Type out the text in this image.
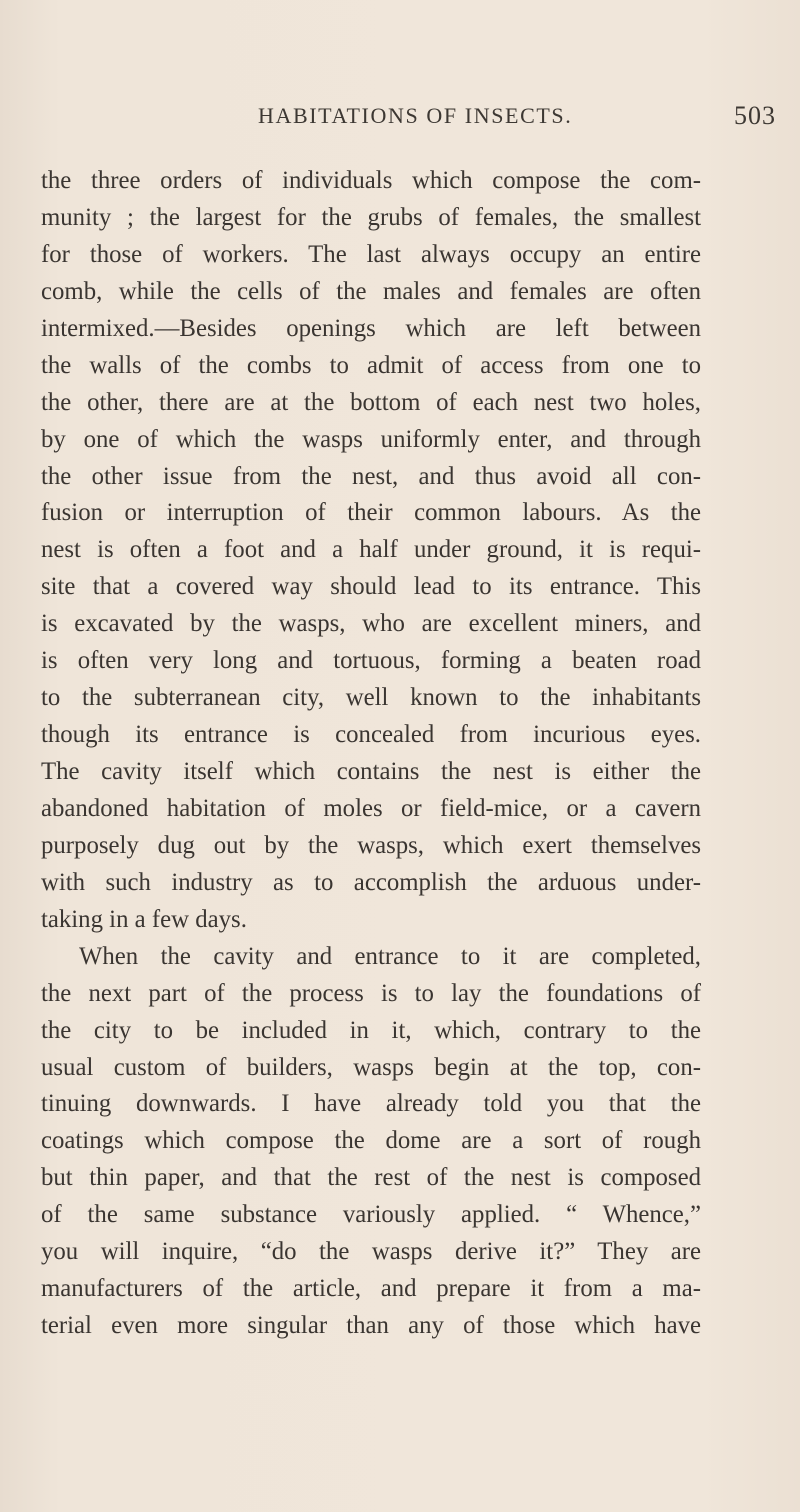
HABITATIONS OF INSECTS.	503
the three orders of individuals which compose the com-
munity ; the largest for the grubs of females, the smallest
for those of workers. The last always occupy an entire
comb, while the cells of the males and females are often
intermixed.—Besides openings which are left between
the walls of the combs to admit of access from one to
the other, there are at the bottom of each nest two holes,
by one of which the wasps uniformly enter, and through
the other issue from the nest, and thus avoid all con-
fusion or interruption of their common labours. As the
nest is often a foot and a half under ground, it is requi-
site that a covered way should lead to its entrance. This
is excavated by the wasps, who are excellent miners, and
is often very long and tortuous, forming a beaten road
to the subterranean city, well known to the inhabitants
though its entrance is concealed from incurious eyes.
The cavity itself which contains the nest is either the
abandoned habitation of moles or field-mice, or a cavern
purposely dug out by the wasps, which exert themselves
with such industry as to accomplish the arduous under-
taking in a few days.
When the cavity and entrance to it are completed,
the next part of the process is to lay the foundations of
the city to be included in it, which, contrary to the
usual custom of builders, wasps begin at the top, con-
tinuing downwards. I have already told you that the
coatings which compose the dome are a sort of rough
but thin paper, and that the rest of the nest is composed
of the same substance variously applied. “ Whence,”
you will inquire, “do the wasps derive it?” They are
manufacturers of the article, and prepare it from a ma-
terial even more singular than any of those which have
